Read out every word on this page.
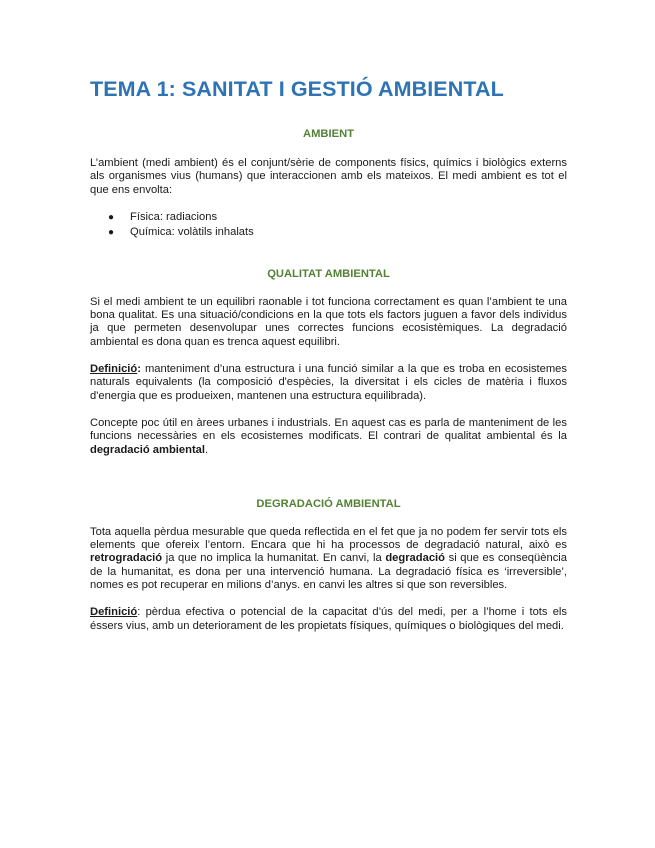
TEMA 1: SANITAT I GESTIÓ AMBIENTAL
AMBIENT

L’ambient (medi ambient) és el conjunt/sèrie de components físics, químics i biològics externs als organismes vius (humans) que interaccionen amb els mateixos. El medi ambient es tot el que ens envolta:

●	Física: radiacions
●	Química: volàtils inhalats
QUALITAT AMBIENTAL

Si el medi ambient te un equilibri raonable i tot funciona correctament es quan l’ambient te una bona qualitat. Es una situació/condicions en la que tots els factors juguen a favor dels individus ja que permeten desenvolupar unes correctes funcions ecosistèmiques. La degradació ambiental es dona quan es trenca aquest equilibri.

Definició: manteniment d’una estructura i una funció similar a la que es troba en ecosistemes naturals equivalents (la composició d'espècies, la diversitat i els cicles de matèria i fluxos d'energia que es produeixen, mantenen una estructura equilibrada).

Concepte poc útil en àrees urbanes i industrials. En aquest cas es parla de manteniment de les funcions necessàries en els ecosistemes modificats. El contrari de qualitat ambiental és la degradació ambiental.

DEGRADACIÓ AMBIENTAL

Tota aquella pèrdua mesurable que queda reflectida en el fet que ja no podem fer servir tots els elements que ofereix l’entorn. Encara que hi ha processos de degradació natural, això es retrogradació ja que no implica la humanitat. En canvi, la degradació si que es conseqüència de la humanitat, es dona per una intervenció humana. La degradació física es ‘irreversible’, nomes es pot recuperar en milions d’anys. en canvi les altres si que son reversibles.

Definició: pèrdua efectiva o potencial de la capacitat d’ús del medi, per a l’home i tots els éssers vius, amb un deteriorament de les propietats físiques, químiques o biològiques del medi.
